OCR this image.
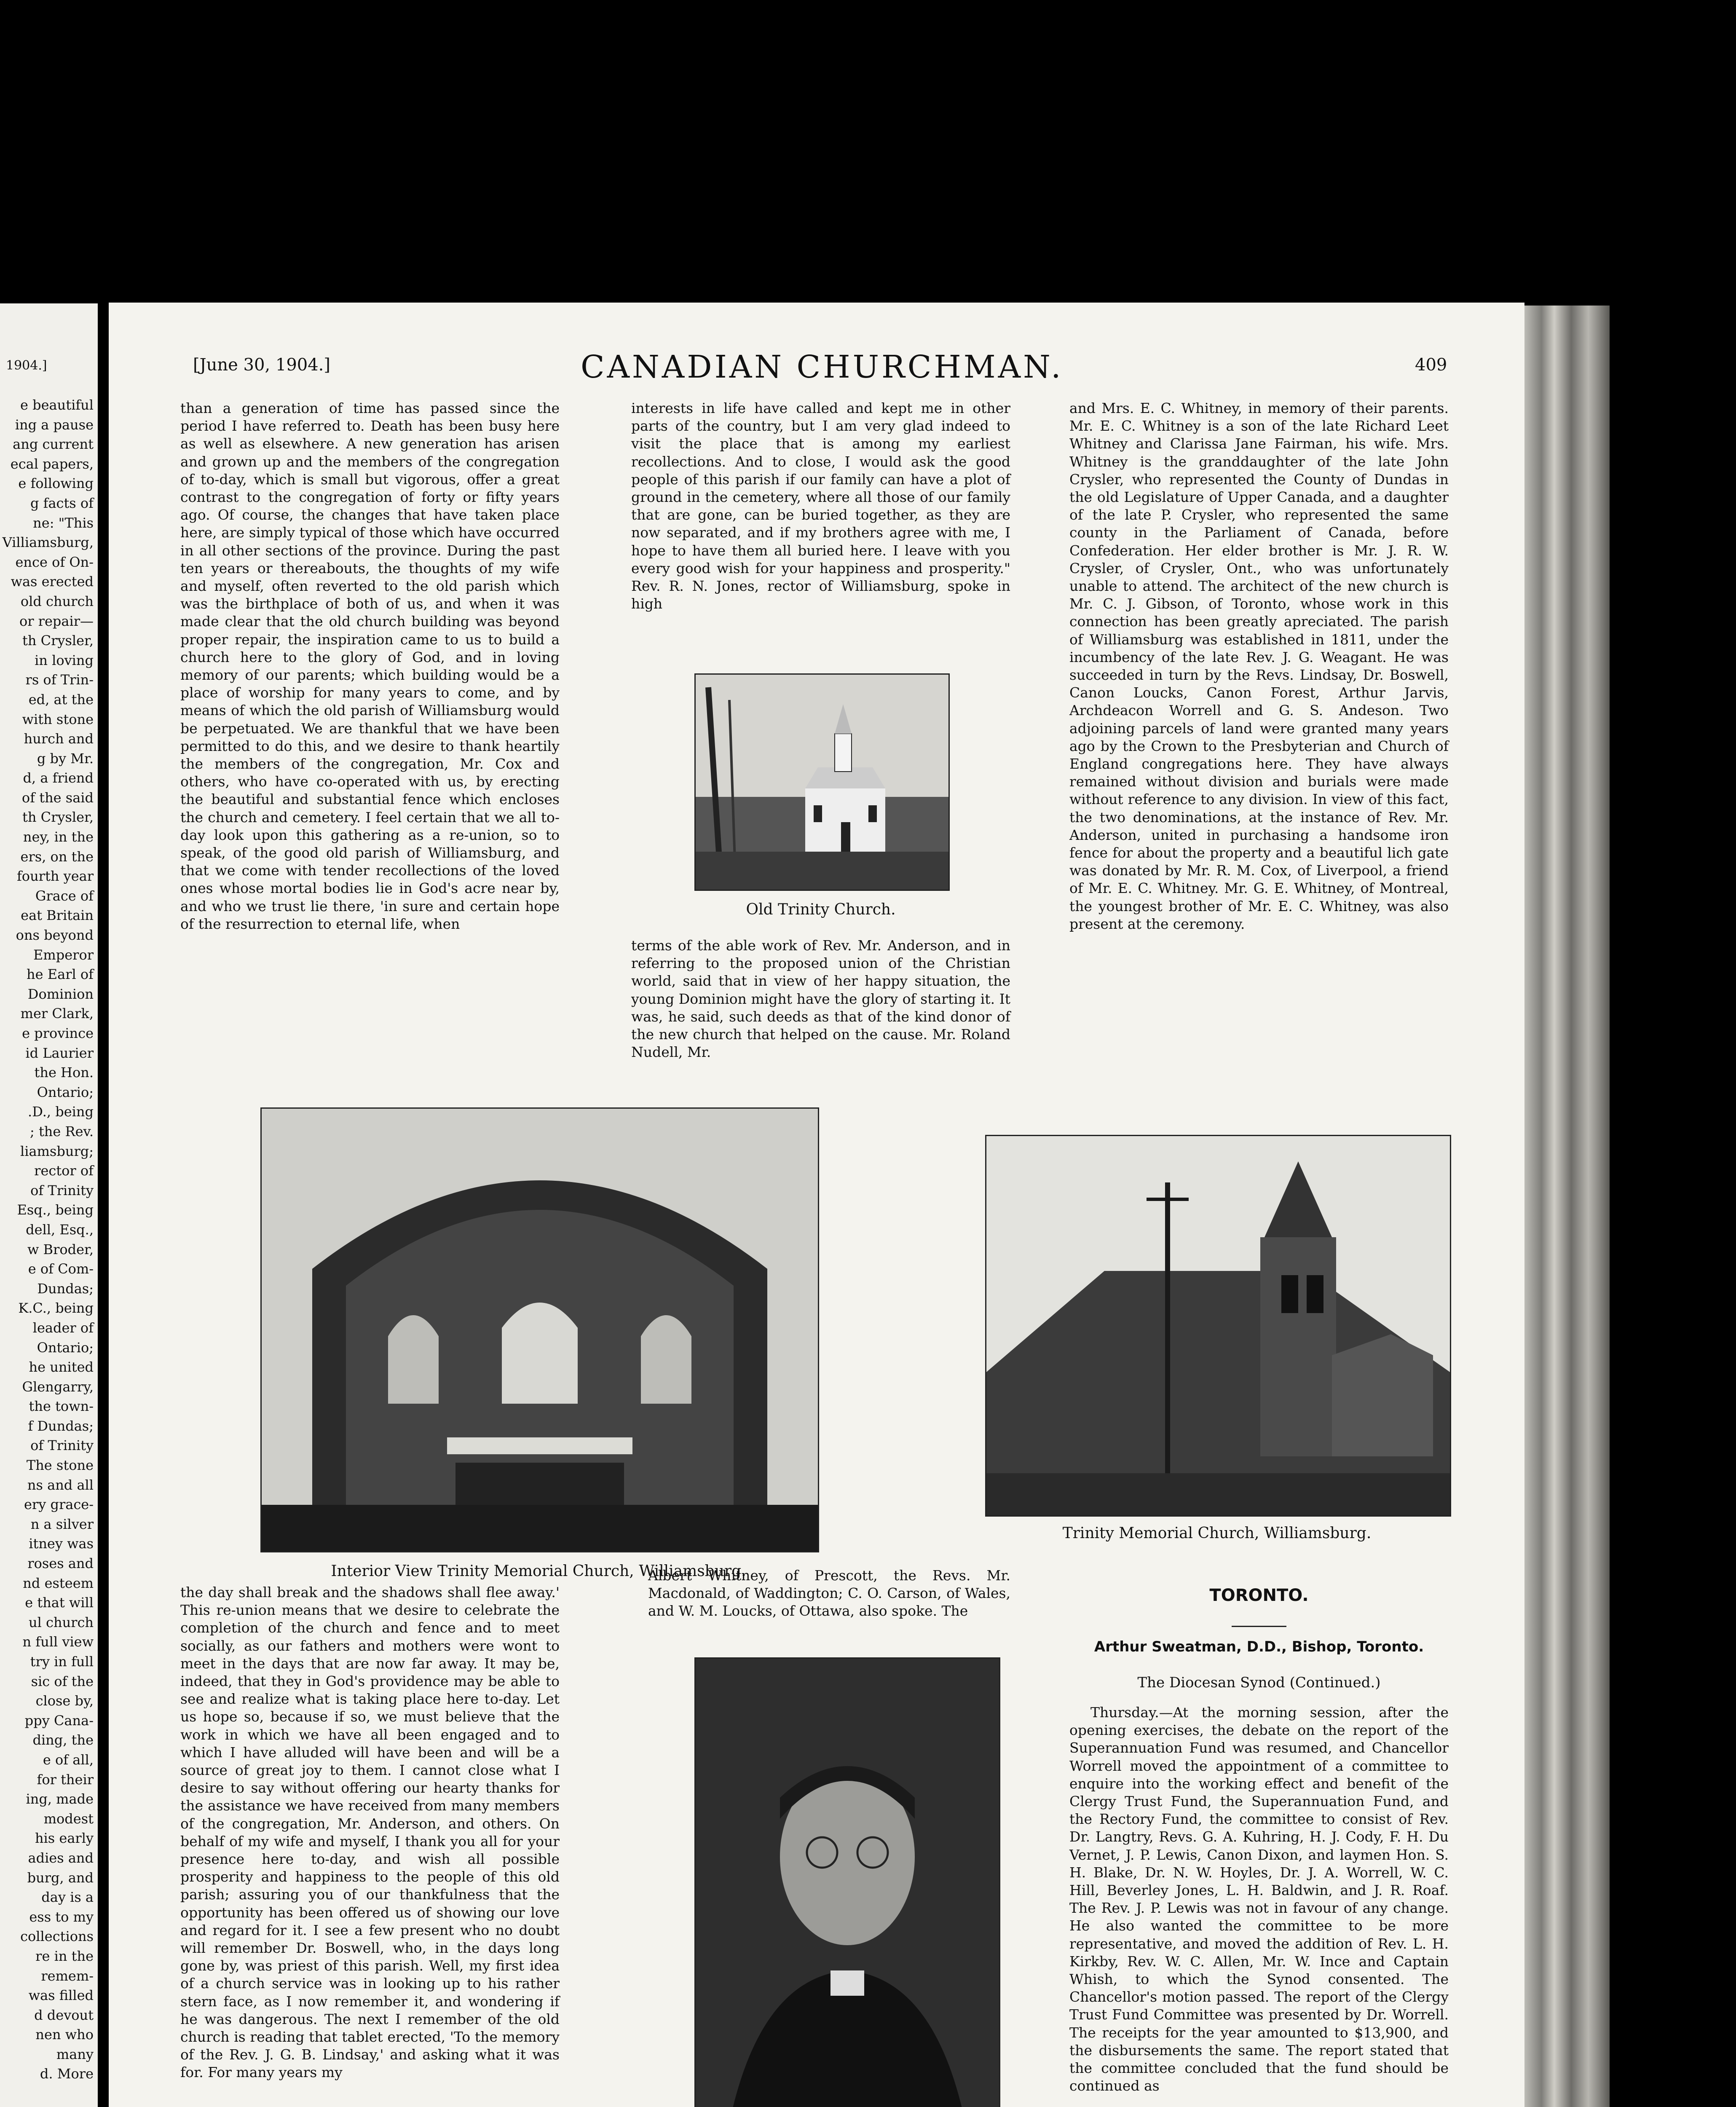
1904.]
e beautiful
ing a pause
ang current
ecal papers,
e following
g facts of
ne: "This
Villiamsburg,
ence of On-
was erected
old church
or repair—
th Crysler,
in loving
rs of Trin-
ed, at the
with stone
hurch and
g by Mr.
d, a friend
of the said
th Crysler,
ney, in the
ers, on the
fourth year
Grace of
eat Britain
ons beyond
Emperor
he Earl of
Dominion
mer Clark,
e province
id Laurier
the Hon.
Ontario;
.D., being
; the Rev.
liamsburg;
rector of
of Trinity
Esq., being
dell, Esq.,
w Broder,
e of Com-
Dundas;
K.C., being
leader of
Ontario;
he united
Glengarry,
the town-
f Dundas;
of Trinity
The stone
ns and all
ery grace-
n a silver
itney was
roses and
nd esteem
e that will
ul church
n full view
try in full
sic of the
close by,
ppy Cana-
ding, the
e of all,
for their
ing, made
modest
his early
adies and
burg, and
day is a
ess to my
collections
re in the
remem-
was filled
d devout
nen who
many
d. More
[June 30, 1904.]	CANADIAN CHURCHMAN.	409

than a generation of time has passed since the period I have referred to. Death has been busy here as well as elsewhere. A new generation has arisen and grown up and the members of the congregation of to-day, which is small but vigorous, offer a great contrast to the congregation of forty or fifty years ago. Of course, the changes that have taken place here, are simply typical of those which have occurred in all other sections of the province. During the past ten years or thereabouts, the thoughts of my wife and myself, often reverted to the old parish which was the birthplace of both of us, and when it was made clear that the old church building was beyond proper repair, the inspiration came to us to build a church here to the glory of God, and in loving memory of our parents; which building would be a place of worship for many years to come, and by means of which the old parish of Williamsburg would be perpetuated. We are thankful that we have been permitted to do this, and we desire to thank heartily the members of the congregation, Mr. Cox and others, who have co-operated with us, by erecting the beautiful and substantial fence which encloses the church and cemetery. I feel certain that we all to-day look upon this gathering as a re-union, so to speak, of the good old parish of Williamsburg, and that we come with tender recollections of the loved ones whose mortal bodies lie in God's acre near by, and who we trust lie there, 'in sure and certain hope of the resurrection to eternal life, when

interests in life have called and kept me in other parts of the country, but I am very glad indeed to visit the place that is among my earliest recollections. And to close, I would ask the good people of this parish if our family can have a plot of ground in the cemetery, where all those of our family that are gone, can be buried together, as they are now separated, and if my brothers agree with me, I hope to have them all buried here. I leave with you every good wish for your happiness and prosperity." Rev. R. N. Jones, rector of Williamsburg, spoke in high

Old Trinity Church.

terms of the able work of Rev. Mr. Anderson, and in referring to the proposed union of the Christian world, said that in view of her happy situation, the young Dominion might have the glory of starting it. It was, he said, such deeds as that of the kind donor of the new church that helped on the cause. Mr. Roland Nudell, Mr.

and Mrs. E. C. Whitney, in memory of their parents. Mr. E. C. Whitney is a son of the late Richard Leet Whitney and Clarissa Jane Fairman, his wife. Mrs. Whitney is the granddaughter of the late John Crysler, who represented the County of Dundas in the old Legislature of Upper Canada, and a daughter of the late P. Crysler, who represented the same county in the Parliament of Canada, before Confederation. Her elder brother is Mr. J. R. W. Crysler, of Crysler, Ont., who was unfortunately unable to attend. The architect of the new church is Mr. C. J. Gibson, of Toronto, whose work in this connection has been greatly apreciated. The parish of Williamsburg was established in 1811, under the incumbency of the late Rev. J. G. Weagant. He was succeeded in turn by the Revs. Lindsay, Dr. Boswell, Canon Loucks, Canon Forest, Arthur Jarvis, Archdeacon Worrell and G. S. Andeson. Two adjoining parcels of land were granted many years ago by the Crown to the Presbyterian and Church of England congregations here. They have always remained without division and burials were made without reference to any division. In view of this fact, the two denominations, at the instance of Rev. Mr. Anderson, united in purchasing a handsome iron fence for about the property and a beautiful lich gate was donated by Mr. R. M. Cox, of Liverpool, a friend of Mr. E. C. Whitney. Mr. G. E. Whitney, of Montreal, the youngest brother of Mr. E. C. Whitney, was also present at the ceremony.

Interior View Trinity Memorial Church, Williamsburg.
Trinity Memorial Church, Williamsburg.

the day shall break and the shadows shall flee away.' This re-union means that we desire to celebrate the completion of the church and fence and to meet socially, as our fathers and mothers were wont to meet in the days that are now far away. It may be, indeed, that they in God's providence may be able to see and realize what is taking place here to-day. Let us hope so, because if so, we must believe that the work in which we have all been engaged and to which I have alluded will have been and will be a source of great joy to them. I cannot close what I desire to say without offering our hearty thanks for the assistance we have received from many members of the congregation, Mr. Anderson, and others. On behalf of my wife and myself, I thank you all for your presence here to-day, and wish all possible prosperity and happiness to the people of this old parish; assuring you of our thankfulness that the opportunity has been offered us of showing our love and regard for it. I see a few present who no doubt will remember Dr. Boswell, who, in the days long gone by, was priest of this parish. Well, my first idea of a church service was in looking up to his rather stern face, as I now remember it, and wondering if he was dangerous. The next I remember of the old church is reading that tablet erected, 'To the memory of the Rev. J. G. B. Lindsay,' and asking what it was for. For many years my

Albert Whitney, of Prescott, the Revs. Mr. Macdonald, of Waddington; C. O. Carson, of Wales, and W. M. Loucks, of Ottawa, also spoke. The

TORONTO.
Arthur Sweatman, D.D., Bishop, Toronto.
The Diocesan Synod (Continued.)

Thursday.—At the morning session, after the opening exercises, the debate on the report of the Superannuation Fund was resumed, and Chancellor Worrell moved the appointment of a committee to enquire into the working effect and benefit of the Clergy Trust Fund, the Superannuation Fund, and the Rectory Fund, the committee to consist of Rev. Dr. Langtry, Revs. G. A. Kuhring, H. J. Cody, F. H. Du Vernet, J. P. Lewis, Canon Dixon, and laymen Hon. S. H. Blake, Dr. N. W. Hoyles, Dr. J. A. Worrell, W. C. Hill, Beverley Jones, L. H. Baldwin, and J. R. Roaf. The Rev. J. P. Lewis was not in favour of any change. He also wanted the committee to be more representative, and moved the addition of Rev. L. H. Kirkby, Rev. W. C. Allen, Mr. W. Ince and Captain Whish, to which the Synod consented. The Chancellor's motion passed. The report of the Clergy Trust Fund Committee was presented by Dr. Worrell. The receipts for the year amounted to $13,900, and the disbursements the same. The report stated that the committee concluded that the fund should be continued as
